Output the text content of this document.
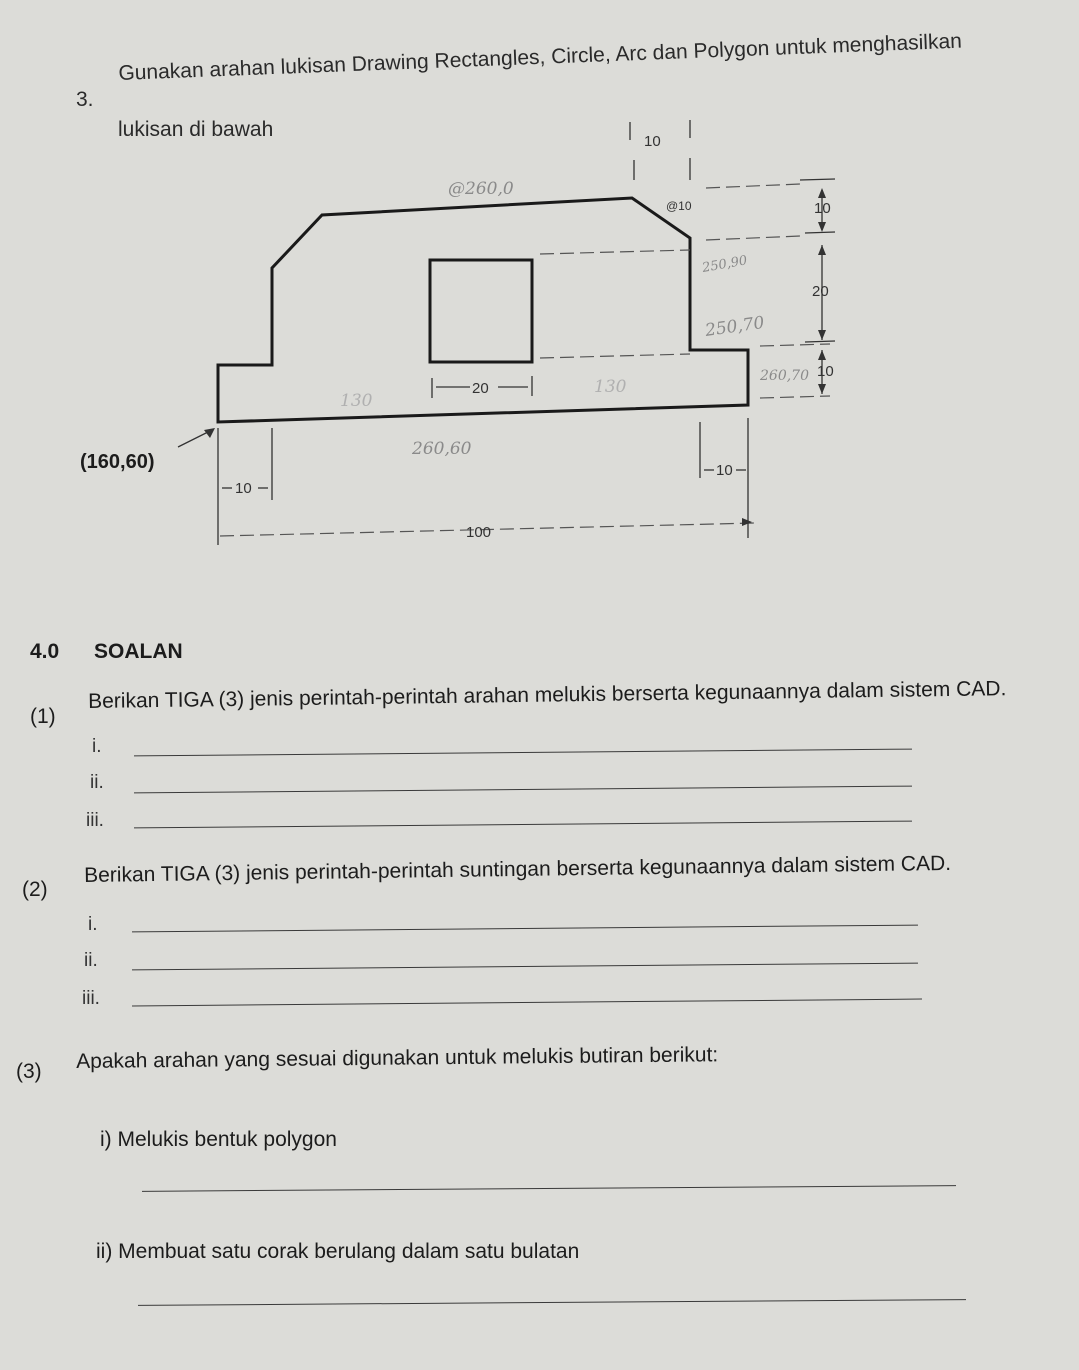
3.
Gunakan arahan lukisan Drawing Rectangles, Circle, Arc dan Polygon untuk menghasilkan
lukisan di bawah
10
10
20
10
20
10
10
100
@10
@260,0
250,90
250,70
260,70
130
130
260,60
(160,60)
4.0 SOALAN
(1)
Berikan TIGA (3) jenis perintah-perintah arahan melukis berserta kegunaannya dalam sistem CAD.
i.
ii.
iii.
(2)
Berikan TIGA (3) jenis perintah-perintah suntingan berserta kegunaannya dalam sistem CAD.
i.
ii.
iii.
(3) Apakah arahan yang sesuai digunakan untuk melukis butiran berikut:
i) Melukis bentuk polygon
ii) Membuat satu corak berulang dalam satu bulatan
